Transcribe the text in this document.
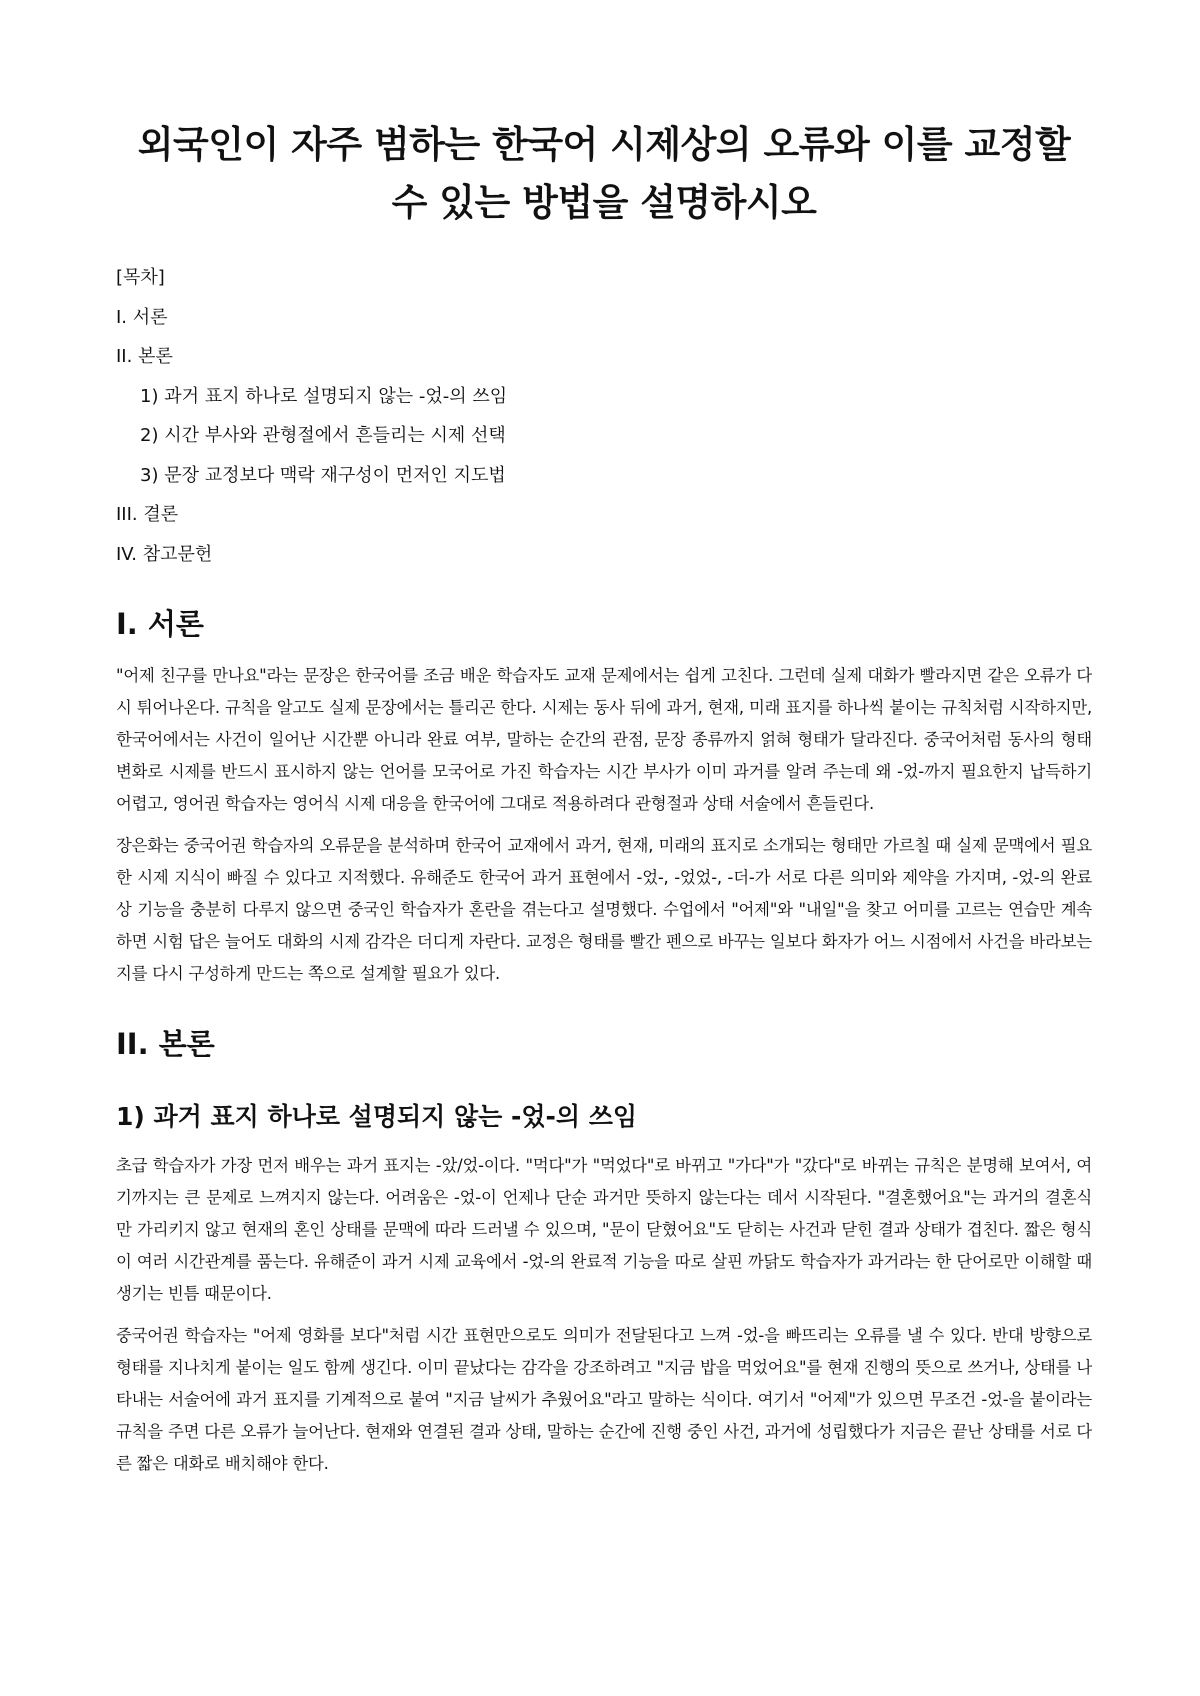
외국인이 자주 범하는 한국어 시제상의 오류와 이를 교정할 수 있는 방법을 설명하시오
[목차]
I. 서론
II. 본론
1) 과거 표지 하나로 설명되지 않는 -었-의 쓰임
2) 시간 부사와 관형절에서 흔들리는 시제 선택
3) 문장 교정보다 맥락 재구성이 먼저인 지도법
III. 결론
IV. 참고문헌
I. 서론

"어제 친구를 만나요"라는 문장은 한국어를 조금 배운 학습자도 교재 문제에서는 쉽게 고친다. 그런데 실제 대화가 빨라지면 같은 오류가 다시 튀어나온다. 규칙을 알고도 실제 문장에서는 틀리곤 한다. 시제는 동사 뒤에 과거, 현재, 미래 표지를 하나씩 붙이는 규칙처럼 시작하지만, 한국어에서는 사건이 일어난 시간뿐 아니라 완료 여부, 말하는 순간의 관점, 문장 종류까지 얽혀 형태가 달라진다. 중국어처럼 동사의 형태 변화로 시제를 반드시 표시하지 않는 언어를 모국어로 가진 학습자는 시간 부사가 이미 과거를 알려 주는데 왜 -었-까지 필요한지 납득하기 어렵고, 영어권 학습자는 영어식 시제 대응을 한국어에 그대로 적용하려다 관형절과 상태 서술에서 흔들린다.

장은화는 중국어권 학습자의 오류문을 분석하며 한국어 교재에서 과거, 현재, 미래의 표지로 소개되는 형태만 가르칠 때 실제 문맥에서 필요한 시제 지식이 빠질 수 있다고 지적했다. 유해준도 한국어 과거 표현에서 -었-, -었었-, -더-가 서로 다른 의미와 제약을 가지며, -었-의 완료상 기능을 충분히 다루지 않으면 중국인 학습자가 혼란을 겪는다고 설명했다. 수업에서 "어제"와 "내일"을 찾고 어미를 고르는 연습만 계속하면 시험 답은 늘어도 대화의 시제 감각은 더디게 자란다. 교정은 형태를 빨간 펜으로 바꾸는 일보다 화자가 어느 시점에서 사건을 바라보는지를 다시 구성하게 만드는 쪽으로 설계할 필요가 있다.

II. 본론
1) 과거 표지 하나로 설명되지 않는 -었-의 쓰임

초급 학습자가 가장 먼저 배우는 과거 표지는 -았/었-이다. "먹다"가 "먹었다"로 바뀌고 "가다"가 "갔다"로 바뀌는 규칙은 분명해 보여서, 여기까지는 큰 문제로 느껴지지 않는다. 어려움은 -었-이 언제나 단순 과거만 뜻하지 않는다는 데서 시작된다. "결혼했어요"는 과거의 결혼식만 가리키지 않고 현재의 혼인 상태를 문맥에 따라 드러낼 수 있으며, "문이 닫혔어요"도 닫히는 사건과 닫힌 결과 상태가 겹친다. 짧은 형식이 여러 시간관계를 품는다. 유해준이 과거 시제 교육에서 -었-의 완료적 기능을 따로 살핀 까닭도 학습자가 과거라는 한 단어로만 이해할 때 생기는 빈틈 때문이다.

중국어권 학습자는 "어제 영화를 보다"처럼 시간 표현만으로도 의미가 전달된다고 느껴 -었-을 빠뜨리는 오류를 낼 수 있다. 반대 방향으로 형태를 지나치게 붙이는 일도 함께 생긴다. 이미 끝났다는 감각을 강조하려고 "지금 밥을 먹었어요"를 현재 진행의 뜻으로 쓰거나, 상태를 나타내는 서술어에 과거 표지를 기계적으로 붙여 "지금 날씨가 추웠어요"라고 말하는 식이다. 여기서 "어제"가 있으면 무조건 -었-을 붙이라는 규칙을 주면 다른 오류가 늘어난다. 현재와 연결된 결과 상태, 말하는 순간에 진행 중인 사건, 과거에 성립했다가 지금은 끝난 상태를 서로 다른 짧은 대화로 배치해야 한다.
